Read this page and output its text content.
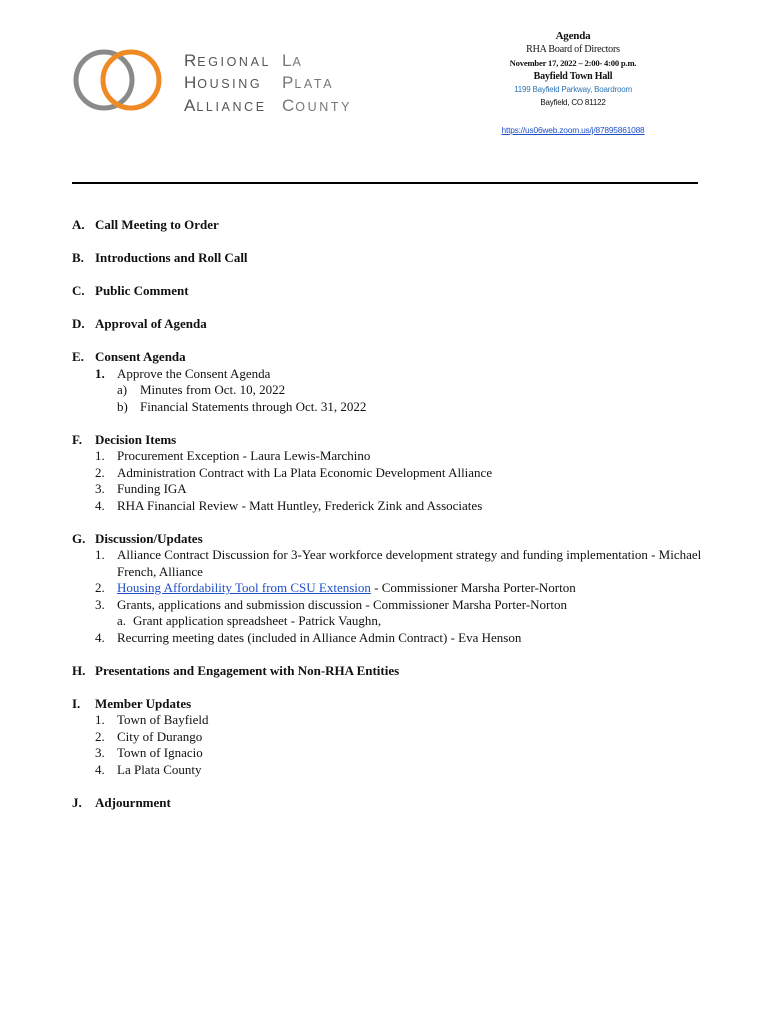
REGIONAL LA
HOUSING	PLATA
ALLIANCE COUNTY
Agenda
RHA Board of Directors
November 17, 2022 – 2:00- 4:00 p.m.
Bayfield Town Hall
1199 Bayfield Parkway, Boardroom
Bayfield, CO 81122
https://us06web.zoom.us/j/87895861088
A. Call Meeting to Order
B. Introductions and Roll Call
C. Public Comment
D. Approval of Agenda
E. Consent Agenda
1. Approve the Consent Agenda
a) Minutes from Oct. 10, 2022
b) Financial Statements through Oct. 31, 2022
F.	Decision Items
1. Procurement Exception - Laura Lewis-Marchino
2. Administration Contract with La Plata Economic Development Alliance
3. Funding IGA
4. RHA Financial Review - Matt Huntley, Frederick Zink and Associates
G. Discussion/Updates
1. Alliance Contract Discussion for 3-Year workforce development strategy and funding implementation - Michael French, Alliance
2. Housing Affordability Tool from CSU Extension - Commissioner Marsha Porter-Norton
3. Grants, applications and submission discussion - Commissioner Marsha Porter-Norton
a. Grant application spreadsheet - Patrick Vaughn,
4. Recurring meeting dates (included in Alliance Admin Contract) - Eva Henson
H. Presentations and Engagement with Non-RHA Entities
I.	Member Updates
1. Town of Bayfield
2. City of Durango
3. Town of Ignacio
4. La Plata County
J.	Adjournment
